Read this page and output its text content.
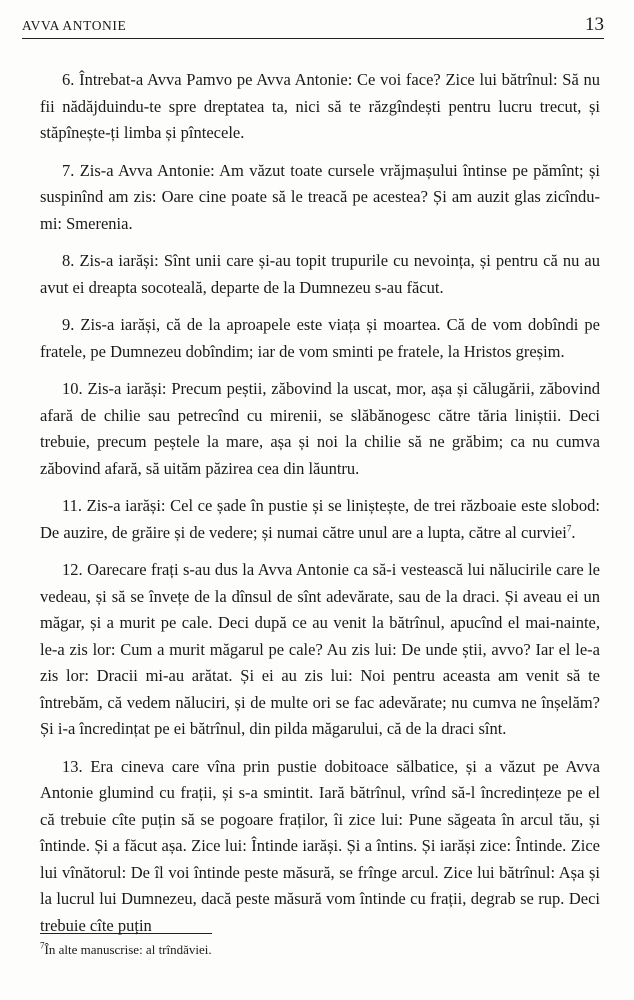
AVVA ANTONIE	13

6. Întrebat-a Avva Pamvo pe Avva Antonie: Ce voi face? Zice lui bătrînul: Să nu fii nădăjduindu-te spre dreptatea ta, nici să te răzgîndești pentru lucru trecut, și stăpînește-ți limba și pîntecele.

7. Zis-a Avva Antonie: Am văzut toate cursele vrăjmașului întinse pe pămînt; și suspinînd am zis: Oare cine poate să le treacă pe acestea? Și am auzit glas zicîndu-mi: Smerenia.

8. Zis-a iarăși: Sînt unii care și-au topit trupurile cu nevoința, și pentru că nu au avut ei dreapta socoteală, departe de la Dumnezeu s-au făcut.

9. Zis-a iarăși, că de la aproapele este viața și moartea. Că de vom dobîndi pe fratele, pe Dumnezeu dobîndim; iar de vom sminti pe fratele, la Hristos greșim.

10. Zis-a iarăși: Precum peștii, zăbovind la uscat, mor, așa și călugării, zăbovind afară de chilie sau petrecînd cu mirenii, se slăbănogesc către tăria liniștii. Deci trebuie, precum peștele la mare, așa și noi la chilie să ne grăbim; ca nu cumva zăbovind afară, să uităm păzirea cea din lăuntru.

11. Zis-a iarăși: Cel ce șade în pustie și se liniștește, de trei războaie este slobod: De auzire, de grăire și de vedere; și numai către unul are a lupta, către al curviei$^7$.

12. Oarecare frați s-au dus la Avva Antonie ca să-i vestească lui nălucirile care le vedeau, și să se învețe de la dînsul de sînt adevărate, sau de la draci. Și aveau ei un măgar, și a murit pe cale. Deci după ce au venit la bătrînul, apucînd el mai-nainte, le-a zis lor: Cum a murit măgarul pe cale? Au zis lui: De unde știi, avvo? Iar el le-a zis lor: Dracii mi-au arătat. Și ei au zis lui: Noi pentru aceasta am venit să te întrebăm, că vedem năluciri, și de multe ori se fac adevărate; nu cumva ne înșelăm? Și i-a încredințat pe ei bătrînul, din pilda măgarului, că de la draci sînt.

13. Era cineva care vîna prin pustie dobitoace sălbatice, și a văzut pe Avva Antonie glumind cu frații, și s-a smintit. Iară bătrînul, vrînd să-l încredințeze pe el că trebuie cîte puțin să se pogoare fraților, îi zice lui: Pune săgeata în arcul tău, și întinde. Și a făcut așa. Zice lui: Întinde iarăși. Și a întins. Și iarăși zice: Întinde. Zice lui vînătorul: De îl voi întinde peste măsură, se frînge arcul. Zice lui bătrînul: Așa și la lucrul lui Dumnezeu, dacă peste măsură vom întinde cu frații, degrab se rup. Deci trebuie cîte puțin

$^7$În alte manuscrise: al trîndăviei.
